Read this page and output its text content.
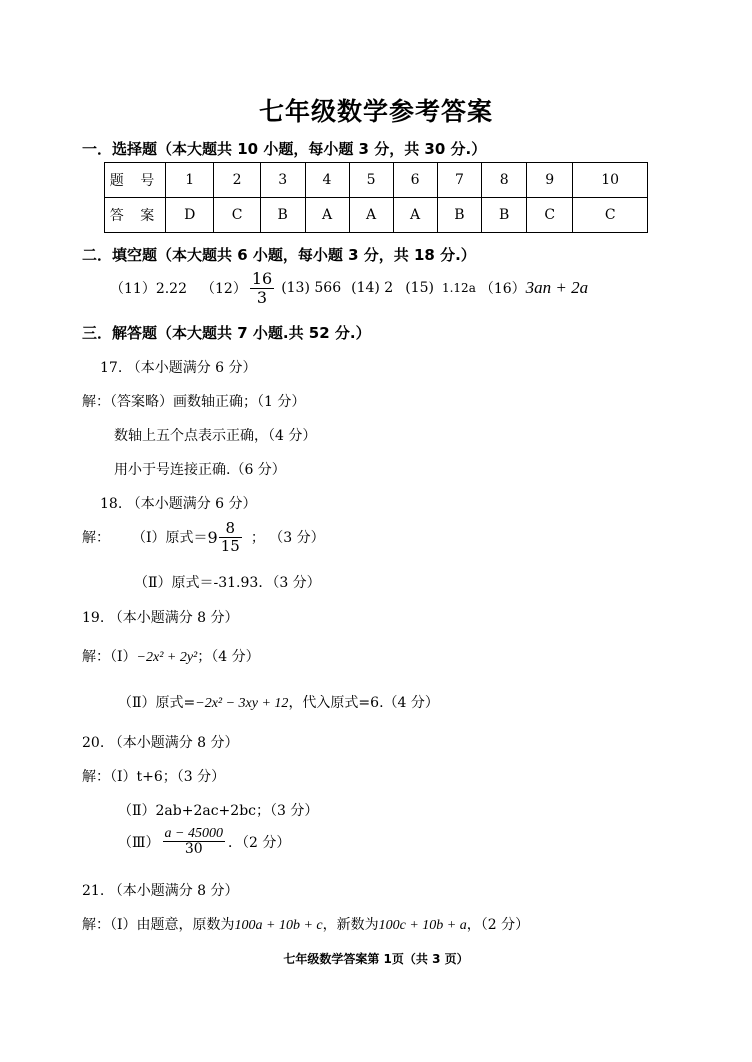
七年级数学参考答案
一．选择题（本大题共 10 小题，每小题 3 分，共 30 分.）
题 号	1	2	3	4	5	6	7	8	9	10
答 案	D	C	B	A	A	A	B	B	C	C
二．填空题（本大题共 6 小题，每小题 3 分，共 18 分.）
（11）2.22 $(12) \frac{16}{3} (13)$ 566 (14) 2 (15) 1.12a （16） 3an + 2a
三．解答题（本大题共 7 小题.共 52 分.）
17. （本小题满分 6 分）
解：（答案略）画数轴正确；（1 分）
数轴上五个点表示正确，（4 分）
用小于号连接正确.（6 分）
18. （本小题满分 6 分）
解： （Ⅰ）原式＝ $9 \frac{8}{15}$ ； （3 分）
（Ⅱ）原式＝-31.93．（3 分）
19. （本小题满分 8 分）
解：（Ⅰ）−2x² + 2y²；（4 分）
（Ⅱ）原式=−2x² − 3xy + 12，代入原式=6.（4 分）
20. （本小题满分 8 分）
解：（Ⅰ）t+6；（3 分）
（Ⅱ）2ab+2ac+2bc；（3 分）
（Ⅲ） $\frac{a - 45000}{30}$ ．（2 分）
21. （本小题满分 8 分）
解：（Ⅰ）由题意，原数为100a + 10b + c，新数为100c + 10b + a，（2 分）
七年级数学答案第 1页（共 3 页）
